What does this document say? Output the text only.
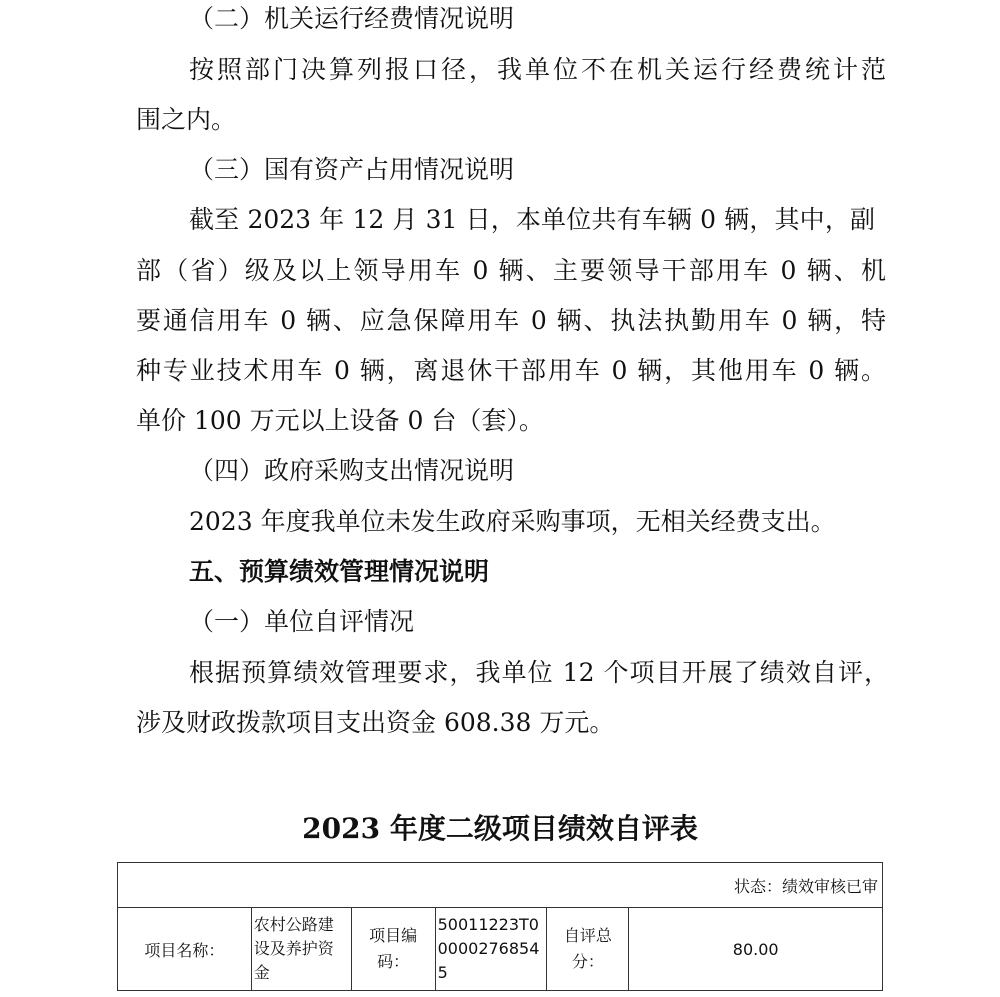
（二）机关运行经费情况说明
按照部门决算列报口径，我单位不在机关运行经费统计范
围之内。
（三）国有资产占用情况说明
截至 2023 年 12 月 31 日，本单位共有车辆 0 辆，其中，副
部（省）级及以上领导用车 0 辆、主要领导干部用车 0 辆、机
要通信用车 0 辆、应急保障用车 0 辆、执法执勤用车 0 辆，特
种专业技术用车 0 辆，离退休干部用车 0 辆，其他用车 0 辆。
单价 100 万元以上设备 0 台（套）。
（四）政府采购支出情况说明
2023 年度我单位未发生政府采购事项，无相关经费支出。
五、预算绩效管理情况说明
（一）单位自评情况
根据预算绩效管理要求，我单位 12 个项目开展了绩效自评，
涉及财政拨款项目支出资金 608.38 万元。
2023 年度二级项目绩效自评表
状态：绩效审核已审
项目名称：	农村公路建设及养护资金	项目编码：	50011223T000002768545	自评总分：	80.00
